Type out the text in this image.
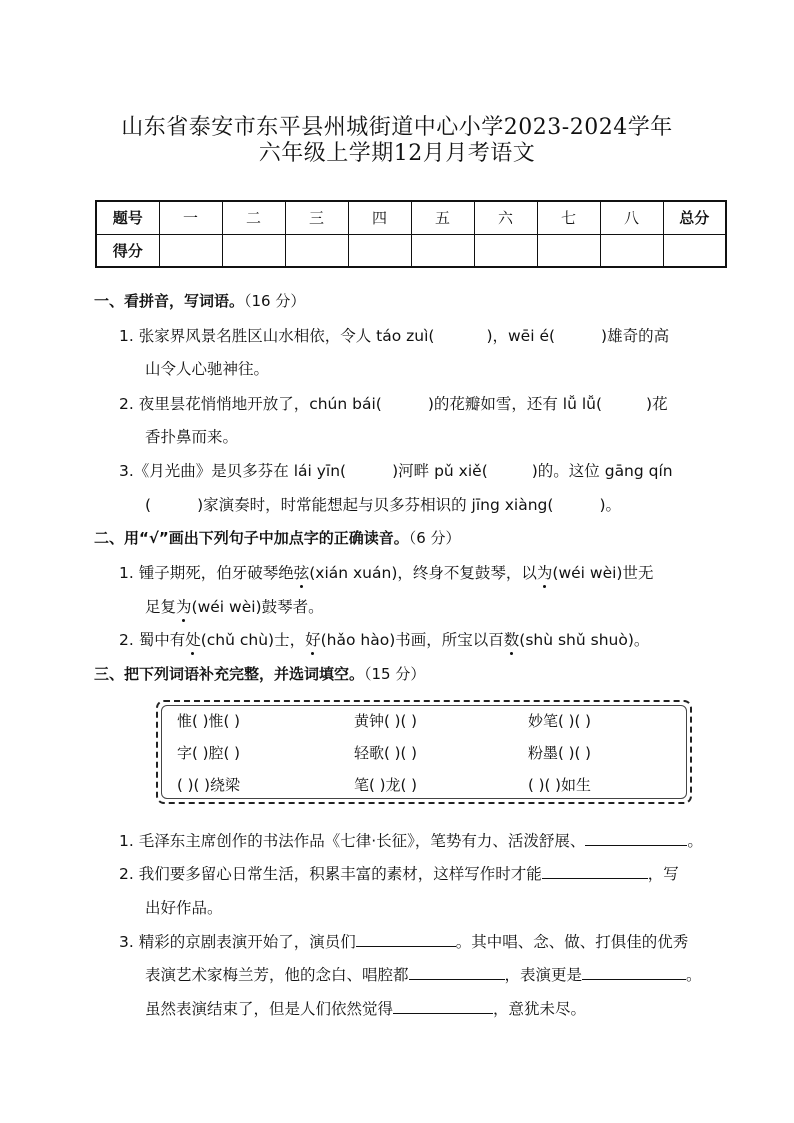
山东省泰安市东平县州城街道中心小学2023-2024学年
六年级上学期12月月考语文
题号	一	二	三	四	五	六	七	八	总分
得分									
一、看拼音，写词语。（16 分）
1. 张家界风景名胜区山水相依，令人 táo zuì(	)，wēi é(	)雄奇的高
山令人心驰神往。
2. 夜里昙花悄悄地开放了，chún bái(	)的花瓣如雪，还有 lǚ lǚ(	)花
香扑鼻而来。
3.《月光曲》是贝多芬在 lái yīn(	)河畔 pǔ xiě(	)的。这位 gāng qín
(	)家演奏时，时常能想起与贝多芬相识的 jīng xiàng(	)。
二、用“√”画出下列句子中加点字的正确读音。（6 分）
1. 锺子期死，伯牙破琴绝弦(xián xuán)，终身不复鼓琴，以为(wéi wèi)世无
足复为(wéi wèi)鼓琴者。
2. 蜀中有处(chǔ chù)士，好(hǎo hào)书画，所宝以百数(shù shǔ shuò)。
三、把下列词语补充完整，并选词填空。（15 分）
惟( )惟( )	黄钟( )( )	妙笔( )( )
字( )腔( )	轻歌( )( )	粉墨( )( )
( )( )绕梁	笔( )龙( )	( )( )如生
1. 毛泽东主席创作的书法作品《七律·长征》，笔势有力、活泼舒展、	。
2. 我们要多留心日常生活，积累丰富的素材，这样写作时才能	，写
出好作品。
3. 精彩的京剧表演开始了，演员们	。其中唱、念、做、打俱佳的优秀
表演艺术家梅兰芳，他的念白、唱腔都	，表演更是	。
虽然表演结束了，但是人们依然觉得	，意犹未尽。
